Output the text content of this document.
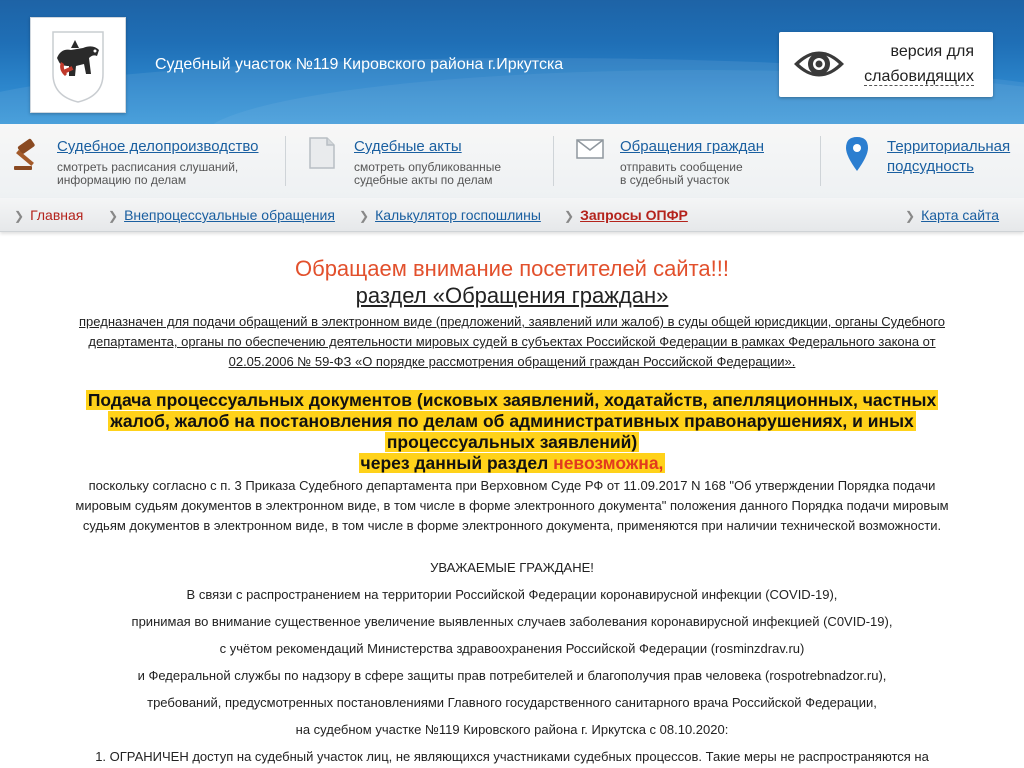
Судебный участок №119 Кировского района г.Иркутска
версия для
слабовидящих
Судебное делопроизводство
смотреть расписания слушаний,
информацию по делам
Судебные акты
смотреть опубликованные
судебные акты по делам
Обращения граждан
отправить сообщение
в судебный участок
Территориальная
подсудность
❯ Главная ❯ Внепроцессуальные обращения ❯ Калькулятор госпошлины ❯ Запросы ОПФР	❯ Карта сайта
Обращаем внимание посетителей сайта!!!
раздел «Обращения граждан»
предназначен для подачи обращений в электронном виде (предложений, заявлений или жалоб) в суды общей юрисдикции, органы Судебного
департамента, органы по обеспечению деятельности мировых судей в субъектах Российской Федерации в рамках Федерального закона от
02.05.2006 № 59-ФЗ «О порядке рассмотрения обращений граждан Российской Федерации».
Подача процессуальных документов (исковых заявлений, ходатайств, апелляционных, частных
жалоб, жалоб на постановления по делам об административных правонарушениях, и иных
процессуальных заявлений)
через данный раздел невозможна,
поскольку согласно с п. 3 Приказа Судебного департамента при Верховном Суде РФ от 11.09.2017 N 168 "Об утверждении Порядка подачи
мировым судьям документов в электронном виде, в том числе в форме электронного документа" положения данного Порядка подачи мировым
судьям документов в электронном виде, в том числе в форме электронного документа, применяются при наличии технической возможности.
УВАЖАЕМЫЕ ГРАЖДАНЕ!
В связи с распространением на территории Российской Федерации коронавирусной инфекции (COVID-19),
принимая во внимание существенное увеличение выявленных случаев заболевания коронавирусной инфекцией (C0VID-19),
с учётом рекомендаций Министерства здравоохранения Российской Федерации (rosminzdrav.ru)
и Федеральной службы по надзору в сфере защиты прав потребителей и благополучия прав человека (rospotrebnadzor.ru),
требований, предусмотренных постановлениями Главного государственного санитарного врача Российской Федерации,
на судебном участке №119 Кировского района г. Иркутска с 08.10.2020:
1. ОГРАНИЧЕН доступ на судебный участок лиц, не являющихся участниками судебных процессов. Такие меры не распространяются на
